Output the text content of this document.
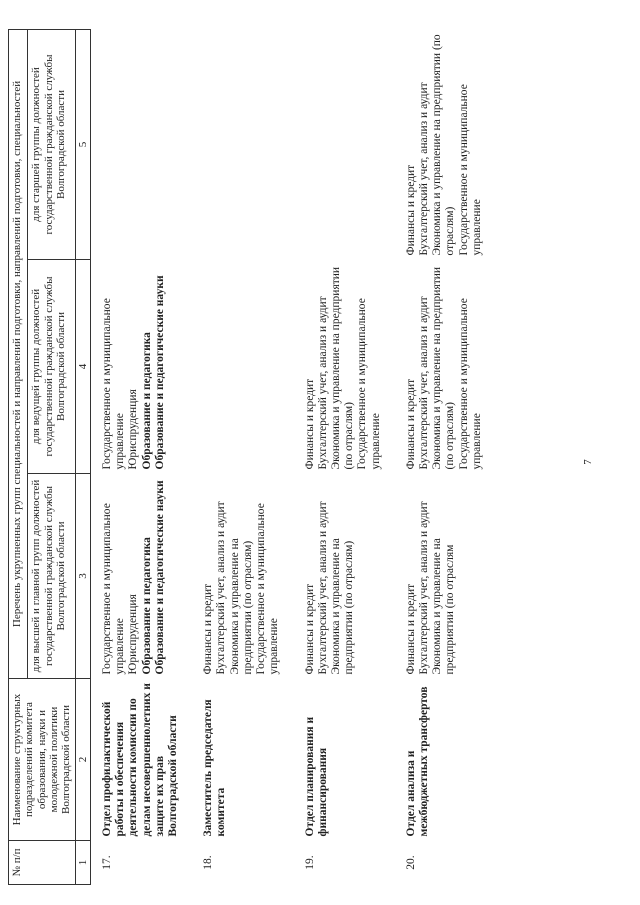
№ п/п	Наименование структурных подразделений комитета образования, науки и молодежной политики Волгоградской области	Перечень укрупненных групп специальностей и направлений подготовки, направлений подготовки, специальностей		
		для высшей и главной групп должностей государственной гражданской службы Волгоградской области	для ведущей группы должностей государственной гражданской службы Волгоградской области	для старшей группы должностей государственной гражданской службы Волгоградской области
1	2	3	4	5
17.	Отдел профилактической работы и обеспечения деятельности комиссии по делам несовершеннолетних и защите их прав Волгоградской области	Государственное и муниципальное управление Юриспруденция Образование и педагогика Образование и педагогические науки	Государственное и муниципальное управление Юриспруденция Образование и педагогика Образование и педагогические науки	

18.	Заместитель председателя комитета	Финансы и кредит Бухгалтерский учет, анализ и аудит Экономика и управление на предприятии (по отраслям) Государственное и муниципальное управление		

19.	Отдел планирования и финансирования	Финансы и кредит Бухгалтерский учет, анализ и аудит Экономика и управление на предприятии (по отраслям)	Финансы и кредит Бухгалтерский учет, анализ и аудит Экономика и управление на предприятии (по отраслям) Государственное и муниципальное управление	

20.	Отдел анализа и межбюджетных трансфертов	Финансы и кредит Бухгалтерский учет, анализ и аудит Экономика и управление на предприятии (по отраслям	Финансы и кредит Бухгалтерский учет, анализ и аудит Экономика и управление на предприятии (по отраслям) Государственное и муниципальное управление	Финансы и кредит Бухгалтерский учет, анализ и аудит Экономика и управление на предприятии (по отраслям) Государственное и муниципальное управление
7
